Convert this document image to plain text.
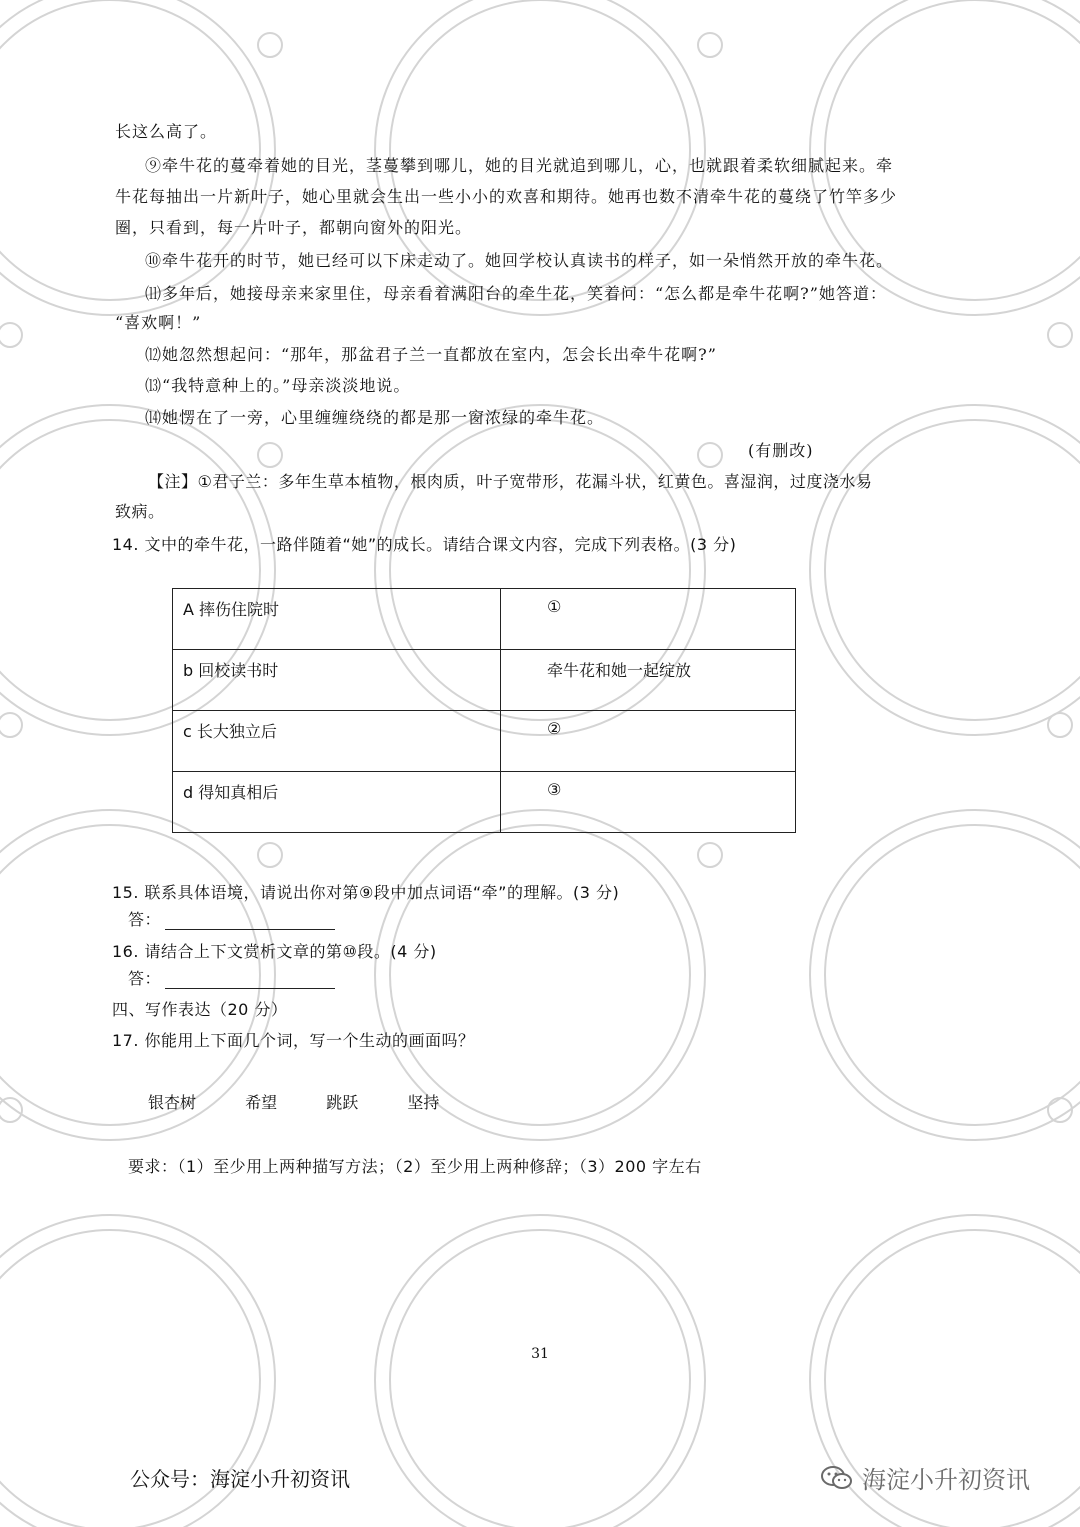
长这么高了。
⑨牵牛花的蔓牵着她的目光，茎蔓攀到哪儿，她的目光就追到哪儿，心，也就跟着柔软细腻起来。牵
牛花每抽出一片新叶子，她心里就会生出一些小小的欢喜和期待。她再也数不清牵牛花的蔓绕了竹竿多少
圈，只看到，每一片叶子，都朝向窗外的阳光。
⑩牵牛花开的时节，她已经可以下床走动了。她回学校认真读书的样子，如一朵悄然开放的牵牛花。
⑾多年后，她接母亲来家里住，母亲看着满阳台的牵牛花，笑着问：“怎么都是牵牛花啊?”她答道：
“喜欢啊！”
⑿她忽然想起问：“那年，那盆君子兰一直都放在室内，怎会长出牵牛花啊?”
⒀“我特意种上的。”母亲淡淡地说。
⒁她愣在了一旁，心里缠缠绕绕的都是那一窗浓绿的牵牛花。
(有删改)
【注】①君子兰：多年生草本植物，根肉质，叶子宽带形，花漏斗状，红黄色。喜湿润，过度浇水易
致病。
14. 文中的牵牛花，一路伴随着“她”的成长。请结合课文内容，完成下列表格。(3 分)
A 摔伤住院时	①
b 回校读书时	牵牛花和她一起绽放
c 长大独立后	②
d 得知真相后	③
15. 联系具体语境，请说出你对第⑨段中加点词语“牵”的理解。(3 分)
答：
16. 请结合上下文赏析文章的第⑩段。(4 分)
答：
四、写作表达（20 分）
17. 你能用上下面几个词，写一个生动的画面吗？
银杏树	希望	跳跃	坚持
要求：（1）至少用上两种描写方法；（2）至少用上两种修辞；（3）200 字左右
31
公众号：海淀小升初资讯	海淀小升初资讯
